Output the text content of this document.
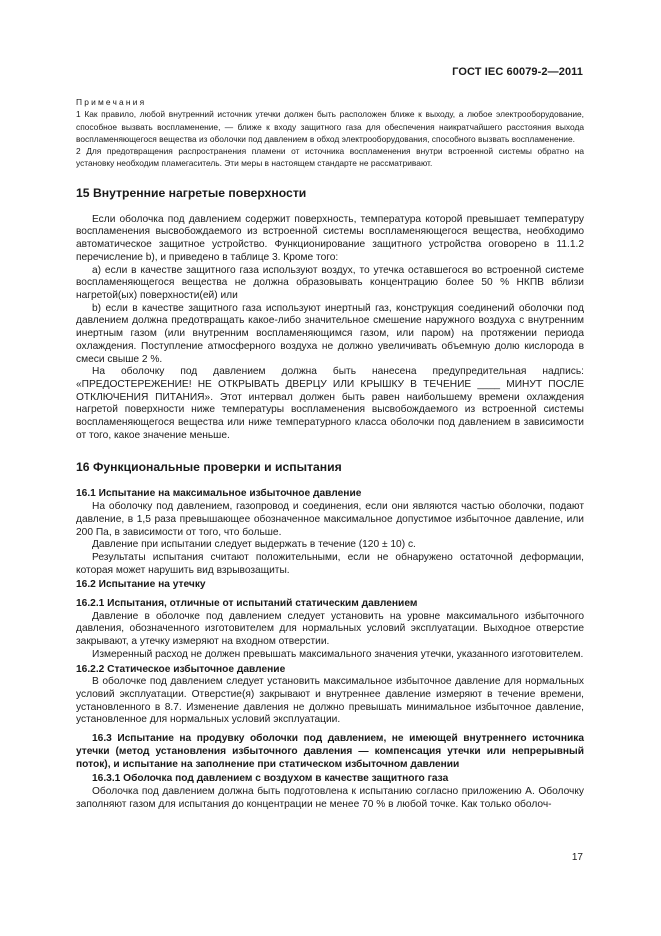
ГОСТ IEC 60079-2—2011

Примечания

1 Как правило, любой внутренний источник утечки должен быть расположен ближе к выходу, а любое электрооборудование, способное вызвать воспламенение, — ближе к входу защитного газа для обеспечения наикратчайшего расстояния выхода воспламеняющегося вещества из оболочки под давлением в обход электрооборудования, способного вызвать воспламенение.

2 Для предотвращения распространения пламени от источника воспламенения внутри встроенной системы обратно на установку необходим пламегаситель. Эти меры в настоящем стандарте не рассматривают.

15 Внутренние нагретые поверхности

Если оболочка под давлением содержит поверхность, температура которой превышает температуру воспламенения высвобождаемого из встроенной системы воспламеняющегося вещества, необходимо автоматическое защитное устройство. Функционирование защитного устройства оговорено в 11.1.2 перечисление b), и приведено в таблице 3. Кроме того:

a) если в качестве защитного газа используют воздух, то утечка оставшегося во встроенной системе воспламеняющегося вещества не должна образовывать концентрацию более 50 % НКПВ вблизи нагретой(ых) поверхности(ей) или

b) если в качестве защитного газа используют инертный газ, конструкция соединений оболочки под давлением должна предотвращать какое-либо значительное смешение наружного воздуха с внутренним инертным газом (или внутренним воспламеняющимся газом, или паром) на протяжении периода охлаждения. Поступление атмосферного воздуха не должно увеличивать объемную долю кислорода в смеси свыше 2 %.

На оболочку под давлением должна быть нанесена предупредительная надпись: «ПРЕДОСТЕРЕЖЕНИЕ! НЕ ОТКРЫВАТЬ ДВЕРЦУ ИЛИ КРЫШКУ В ТЕЧЕНИЕ ____ МИНУТ ПОСЛЕ ОТКЛЮЧЕНИЯ ПИТАНИЯ». Этот интервал должен быть равен наибольшему времени охлаждения нагретой поверхности ниже температуры воспламенения высвобождаемого из встроенной системы воспламеняющегося вещества или ниже температурного класса оболочки под давлением в зависимости от того, какое значение меньше.

16 Функциональные проверки и испытания

16.1 Испытание на максимальное избыточное давление

На оболочку под давлением, газопровод и соединения, если они являются частью оболочки, подают давление, в 1,5 раза превышающее обозначенное максимальное допустимое избыточное давление, или 200 Па, в зависимости от того, что больше.

Давление при испытании следует выдержать в течение (120 ± 10) с.

Результаты испытания считают положительными, если не обнаружено остаточной деформации, которая может нарушить вид взрывозащиты.

16.2 Испытание на утечку

16.2.1 Испытания, отличные от испытаний статическим давлением

Давление в оболочке под давлением следует установить на уровне максимального избыточного давления, обозначенного изготовителем для нормальных условий эксплуатации. Выходное отверстие закрывают, а утечку измеряют на входном отверстии.

Измеренный расход не должен превышать максимального значения утечки, указанного изготовителем.

16.2.2 Статическое избыточное давление

В оболочке под давлением следует установить максимальное избыточное давление для нормальных условий эксплуатации. Отверстие(я) закрывают и внутреннее давление измеряют в течение времени, установленного в 8.7. Изменение давления не должно превышать минимальное избыточное давление, установленное для нормальных условий эксплуатации.

16.3 Испытание на продувку оболочки под давлением, не имеющей внутреннего источника утечки (метод установления избыточного давления — компенсация утечки или непрерывный поток), и испытание на заполнение при статическом избыточном давлении

16.3.1 Оболочка под давлением с воздухом в качестве защитного газа

Оболочка под давлением должна быть подготовлена к испытанию согласно приложению А. Оболочку заполняют газом для испытания до концентрации не менее 70 % в любой точке. Как только оболоч-

17
